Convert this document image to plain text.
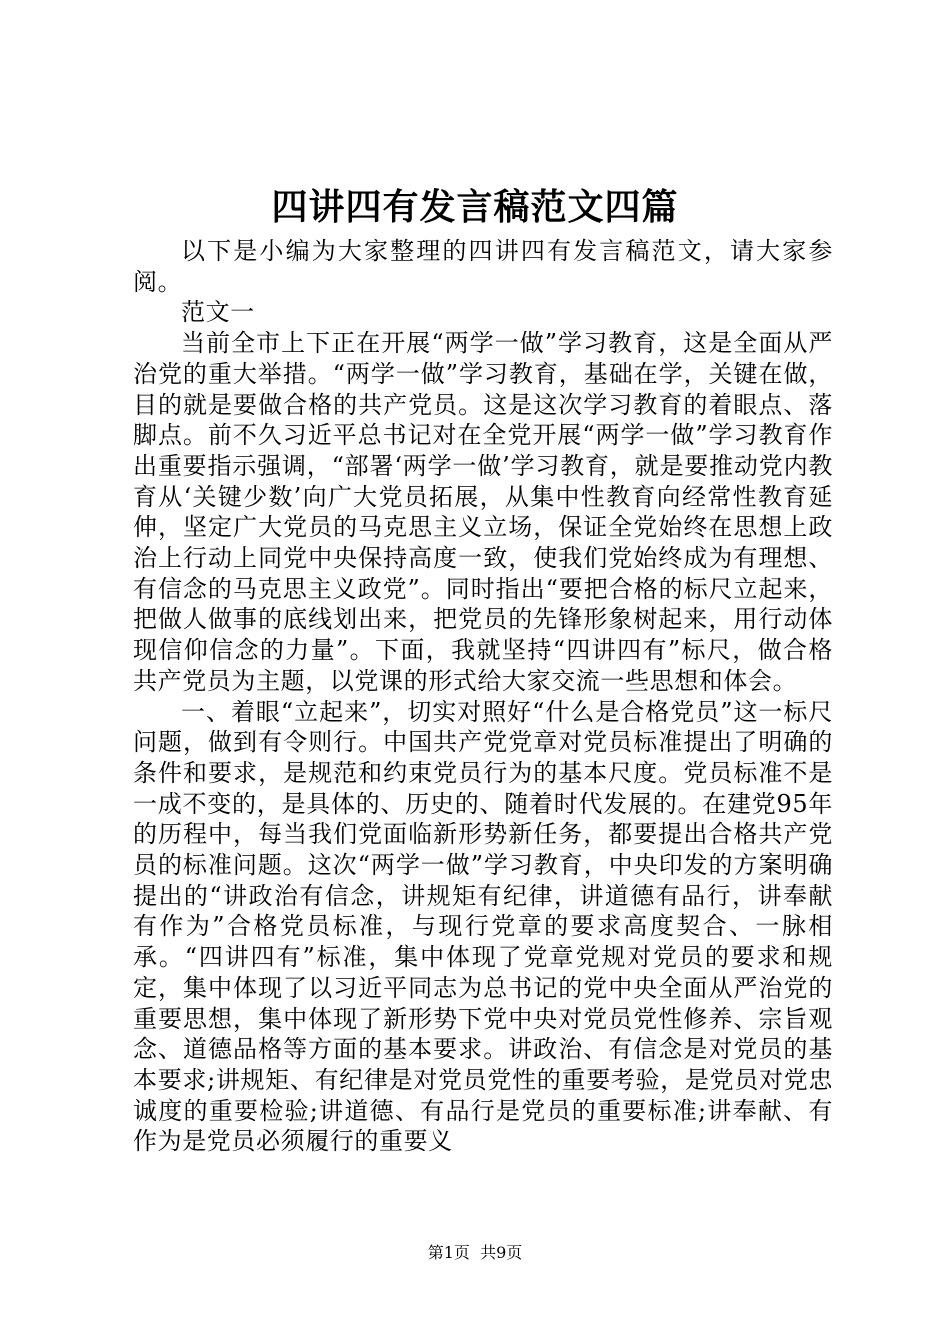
四讲四有发言稿范文四篇

以下是小编为大家整理的四讲四有发言稿范文，请大家参阅。

范文一

当前全市上下正在开展“两学一做”学习教育，这是全面从严治党的重大举措。“两学一做”学习教育，基础在学，关键在做，目的就是要做合格的共产党员。这是这次学习教育的着眼点、落脚点。前不久习近平总书记对在全党开展“两学一做”学习教育作出重要指示强调，“部署‘两学一做’学习教育，就是要推动党内教育从‘关键少数’向广大党员拓展，从集中性教育向经常性教育延伸，坚定广大党员的马克思主义立场，保证全党始终在思想上政治上行动上同党中央保持高度一致，使我们党始终成为有理想、有信念的马克思主义政党”。同时指出“要把合格的标尺立起来，把做人做事的底线划出来，把党员的先锋形象树起来，用行动体现信仰信念的力量”。下面，我就坚持“四讲四有”标尺，做合格共产党员为主题，以党课的形式给大家交流一些思想和体会。

一、着眼“立起来”，切实对照好“什么是合格党员”这一标尺问题，做到有令则行。中国共产党党章对党员标准提出了明确的条件和要求，是规范和约束党员行为的基本尺度。党员标准不是一成不变的，是具体的、历史的、随着时代发展的。在建党95年的历程中，每当我们党面临新形势新任务，都要提出合格共产党员的标准问题。这次“两学一做”学习教育，中央印发的方案明确提出的“讲政治有信念，讲规矩有纪律，讲道德有品行，讲奉献有作为”合格党员标准，与现行党章的要求高度契合、一脉相承。“四讲四有”标准，集中体现了党章党规对党员的要求和规定，集中体现了以习近平同志为总书记的党中央全面从严治党的重要思想，集中体现了新形势下党中央对党员党性修养、宗旨观念、道德品格等方面的基本要求。讲政治、有信念是对党员的基本要求;讲规矩、有纪律是对党员党性的重要考验，是党员对党忠诚度的重要检验;讲道德、有品行是党员的重要标准;讲奉献、有作为是党员必须履行的重要义

第1页 共9页
